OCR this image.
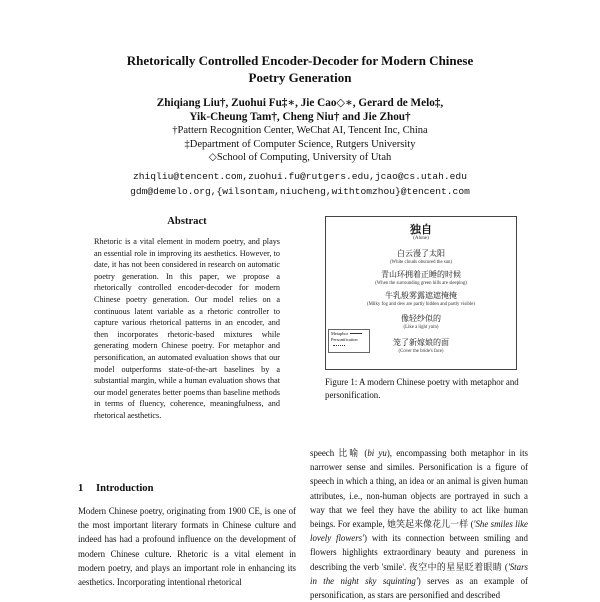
Rhetorically Controlled Encoder-Decoder for Modern Chinese
Poetry Generation
Zhiqiang Liu†, Zuohui Fu‡∗, Jie Cao◇∗, Gerard de Melo‡,
Yik-Cheung Tam†, Cheng Niu† and Jie Zhou†
†Pattern Recognition Center, WeChat AI, Tencent Inc, China
‡Department of Computer Science, Rutgers University
◇School of Computing, University of Utah
zhiqliu@tencent.com,zuohui.fu@rutgers.edu,jcao@cs.utah.edu
gdm@demelo.org,{wilsontam,niucheng,withtomzhou}@tencent.com
Abstract
Rhetoric is a vital element in modern poetry, and plays an essential role in improving its aesthetics. However, to date, it has not been considered in research on automatic poetry generation. In this paper, we propose a rhetorically controlled encoder-decoder for modern Chinese poetry generation. Our model relies on a continuous latent variable as a rhetoric controller to capture various rhetorical patterns in an encoder, and then incorporates rhetoric-based mixtures while generating modern Chinese poetry. For metaphor and personification, an automated evaluation shows that our model outperforms state-of-the-art baselines by a substantial margin, while a human evaluation shows that our model generates better poems than baseline methods in terms of fluency, coherence, meaningfulness, and rhetorical aesthetics.
1 Introduction
Modern Chinese poetry, originating from 1900 CE, is one of the most important literary formats in Chinese culture and indeed has had a profound influence on the development of modern Chinese culture. Rhetoric is a vital element in modern poetry, and plays an important role in enhancing its aesthetics. Incorporating intentional rhetorical
独自
(Alone)
白云漫了太阳
(White clouds obscured the sun)
青山环拥着正睡的时候
(When the surrounding green hills are sleeping)
牛乳般雾露遮遮掩掩
(Milky fog and dew are partly hidden and partly visible)
像轻纱似的
(Like a light yarn)
笼了新嫁娘的面
(Cover the bride's face)
Metaphor
Personification
Figure 1: A modern Chinese poetry with metaphor and personification.
speech 比喻 (bi yu), encompassing both metaphor in its narrower sense and similes. Personification is a figure of speech in which a thing, an idea or an animal is given human attributes, i.e., non-human objects are portrayed in such a way that we feel they have the ability to act like human beings. For example, 她笑起来像花儿一样 ('She smiles like lovely flowers') with its connection between smiling and flowers highlights extraordinary beauty and pureness in describing the verb 'smile'. 夜空中的星星眨着眼睛 ('Stars in the night sky squinting') serves as an example of personification, as stars are personified and described
